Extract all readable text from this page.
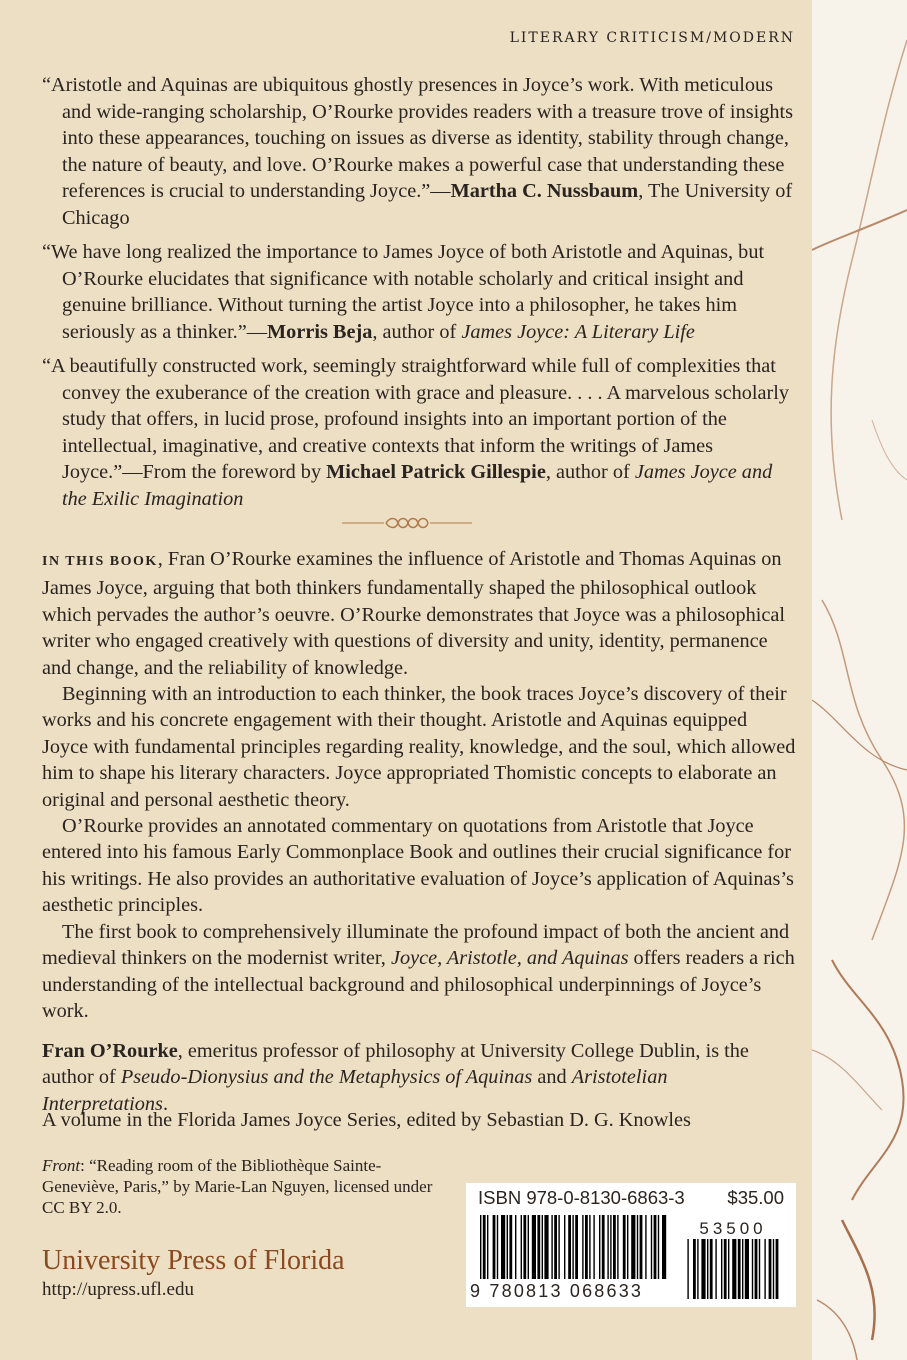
LITERARY CRITICISM/MODERN

“Aristotle and Aquinas are ubiquitous ghostly presences in Joyce’s work. With meticulous and wide-ranging scholarship, O’Rourke provides readers with a treasure trove of insights into these appearances, touching on issues as diverse as identity, stability through change, the nature of beauty, and love. O’Rourke makes a powerful case that understanding these references is crucial to understanding Joyce.”—Martha C. Nussbaum, The University of Chicago

“We have long realized the importance to James Joyce of both Aristotle and Aquinas, but O’Rourke elucidates that significance with notable scholarly and critical insight and genuine brilliance. Without turning the artist Joyce into a philosopher, he takes him seriously as a thinker.”—Morris Beja, author of James Joyce: A Literary Life

“A beautifully constructed work, seemingly straightforward while full of complexities that convey the exuberance of the creation with grace and pleasure. . . . A marvelous scholarly study that offers, in lucid prose, profound insights into an important portion of the intellectual, imaginative, and creative contexts that inform the writings of James Joyce.”—From the foreword by Michael Patrick Gillespie, author of James Joyce and the Exilic Imagination

IN THIS BOOK, Fran O’Rourke examines the influence of Aristotle and Thomas Aquinas on James Joyce, arguing that both thinkers fundamentally shaped the philosophical outlook which pervades the author’s oeuvre. O’Rourke demonstrates that Joyce was a philosophical writer who engaged creatively with questions of diversity and unity, identity, permanence and change, and the reliability of knowledge.

Beginning with an introduction to each thinker, the book traces Joyce’s discovery of their works and his concrete engagement with their thought. Aristotle and Aquinas equipped Joyce with fundamental principles regarding reality, knowledge, and the soul, which allowed him to shape his literary characters. Joyce appropriated Thomistic concepts to elaborate an original and personal aesthetic theory.

O’Rourke provides an annotated commentary on quotations from Aristotle that Joyce entered into his famous Early Commonplace Book and outlines their crucial significance for his writings. He also provides an authoritative evaluation of Joyce’s application of Aquinas’s aesthetic principles.

The first book to comprehensively illuminate the profound impact of both the ancient and medieval thinkers on the modernist writer, Joyce, Aristotle, and Aquinas offers readers a rich understanding of the intellectual background and philosophical underpinnings of Joyce’s work.

Fran O’Rourke, emeritus professor of philosophy at University College Dublin, is the author of Pseudo-Dionysius and the Metaphysics of Aquinas and Aristotelian Interpretations.

A volume in the Florida James Joyce Series, edited by Sebastian D. G. Knowles

Front: “Reading room of the Bibliothèque Sainte-Geneviève, Paris,” by Marie-Lan Nguyen, licensed under CC BY 2.0.
University Press of Florida
http://upress.ufl.edu
ISBN 978-0-8130-6863-3 $35.00
53500
9 780813 068633
